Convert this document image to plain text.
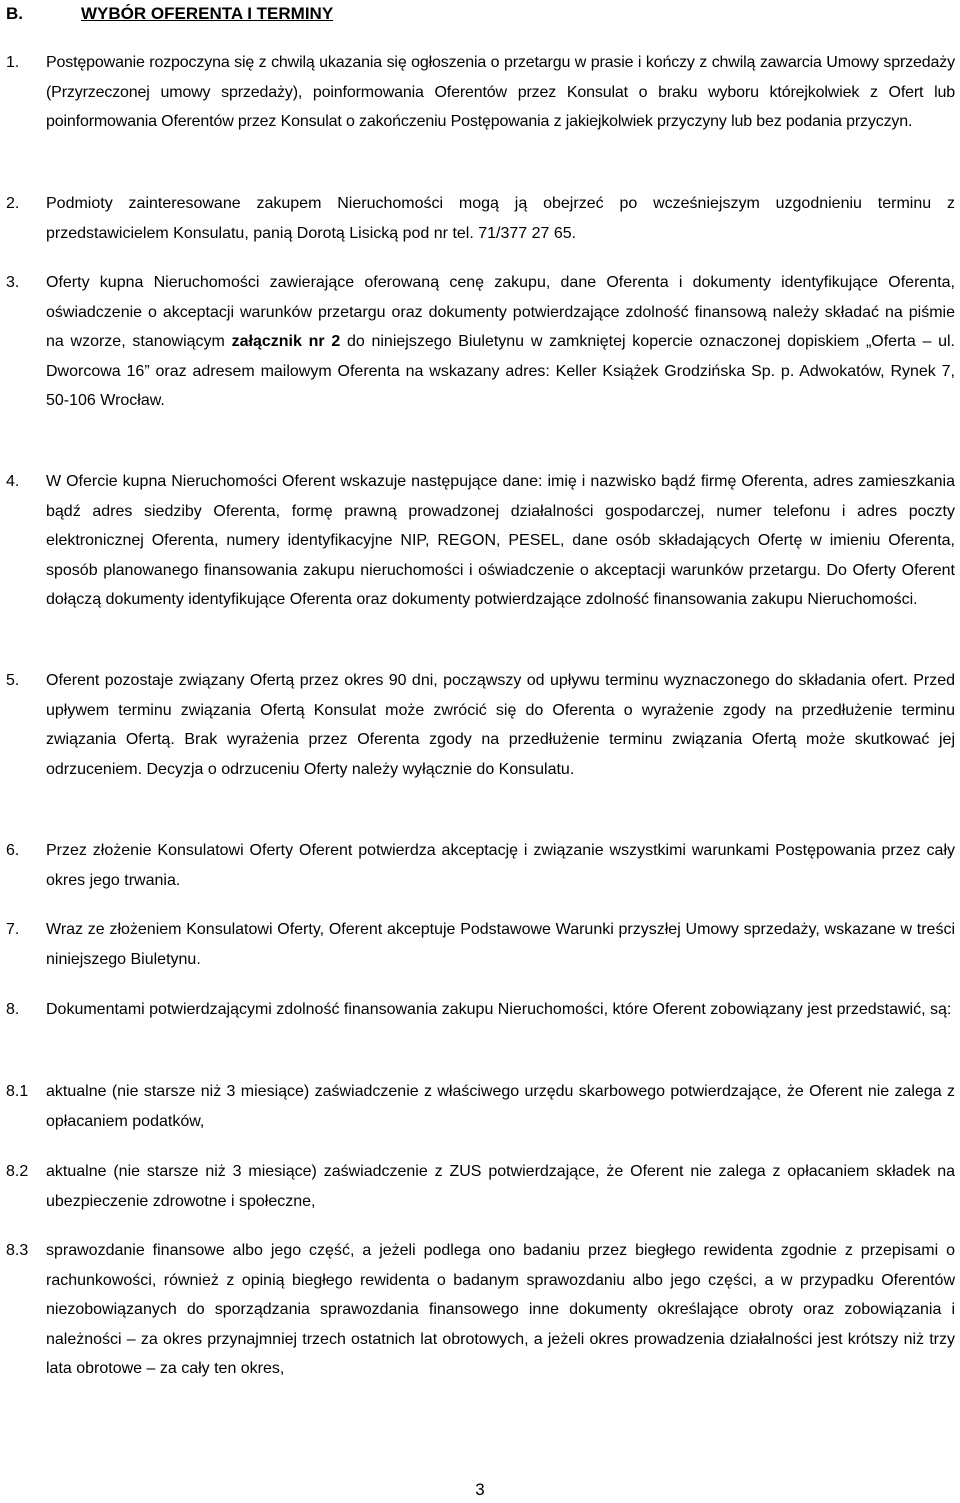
B.	WYBÓR OFERENTA I TERMINY
1. Postępowanie rozpoczyna się z chwilą ukazania się ogłoszenia o przetargu w prasie i kończy z chwilą zawarcia Umowy sprzedaży (Przyrzeczonej umowy sprzedaży), poinformowania Oferentów przez Konsulat o braku wyboru którejkolwiek z Ofert lub poinformowania Oferentów przez Konsulat o zakończeniu Postępowania z jakiejkolwiek przyczyny lub bez podania przyczyn.

2. Podmioty zainteresowane zakupem Nieruchomości mogą ją obejrzeć po wcześniejszym uzgodnieniu terminu z przedstawicielem Konsulatu, panią Dorotą Lisicką pod nr tel. 71/377 27 65.

3. Oferty kupna Nieruchomości zawierające oferowaną cenę zakupu, dane Oferenta i dokumenty identyfikujące Oferenta, oświadczenie o akceptacji warunków przetargu oraz dokumenty potwierdzające zdolność finansową należy składać na piśmie na wzorze, stanowiącym załącznik nr 2 do niniejszego Biuletynu w zamkniętej kopercie oznaczonej dopiskiem „Oferta – ul. Dworcowa 16” oraz adresem mailowym Oferenta na wskazany adres: Keller Książek Grodzińska Sp. p. Adwokatów, Rynek 7, 50-106 Wrocław.

4. W Ofercie kupna Nieruchomości Oferent wskazuje następujące dane: imię i nazwisko bądź firmę Oferenta, adres zamieszkania bądź adres siedziby Oferenta, formę prawną prowadzonej działalności gospodarczej, numer telefonu i adres poczty elektronicznej Oferenta, numery identyfikacyjne NIP, REGON, PESEL, dane osób składających Ofertę w imieniu Oferenta, sposób planowanego finansowania zakupu nieruchomości i oświadczenie o akceptacji warunków przetargu. Do Oferty Oferent dołączą dokumenty identyfikujące Oferenta oraz dokumenty potwierdzające zdolność finansowania zakupu Nieruchomości.

5. Oferent pozostaje związany Ofertą przez okres 90 dni, począwszy od upływu terminu wyznaczonego do składania ofert. Przed upływem terminu związania Ofertą Konsulat może zwrócić się do Oferenta o wyrażenie zgody na przedłużenie terminu związania Ofertą. Brak wyrażenia przez Oferenta zgody na przedłużenie terminu związania Ofertą może skutkować jej odrzuceniem. Decyzja o odrzuceniu Oferty należy wyłącznie do Konsulatu.

6. Przez złożenie Konsulatowi Oferty Oferent potwierdza akceptację i związanie wszystkimi warunkami Postępowania przez cały okres jego trwania.

7. Wraz ze złożeniem Konsulatowi Oferty, Oferent akceptuje Podstawowe Warunki przyszłej Umowy sprzedaży, wskazane w treści niniejszego Biuletynu.

8. Dokumentami potwierdzającymi zdolność finansowania zakupu Nieruchomości, które Oferent zobowiązany jest przedstawić, są:

8.1 aktualne (nie starsze niż 3 miesiące) zaświadczenie z właściwego urzędu skarbowego potwierdzające, że Oferent nie zalega z opłacaniem podatków,

8.2 aktualne (nie starsze niż 3 miesiące) zaświadczenie z ZUS potwierdzające, że Oferent nie zalega z opłacaniem składek na ubezpieczenie zdrowotne i społeczne,

8.3 sprawozdanie finansowe albo jego część, a jeżeli podlega ono badaniu przez biegłego rewidenta zgodnie z przepisami o rachunkowości, również z opinią biegłego rewidenta o badanym sprawozdaniu albo jego części, a w przypadku Oferentów niezobowiązanych do sporządzania sprawozdania finansowego inne dokumenty określające obroty oraz zobowiązania i należności – za okres przynajmniej trzech ostatnich lat obrotowych, a jeżeli okres prowadzenia działalności jest krótszy niż trzy lata obrotowe – za cały ten okres,

3
